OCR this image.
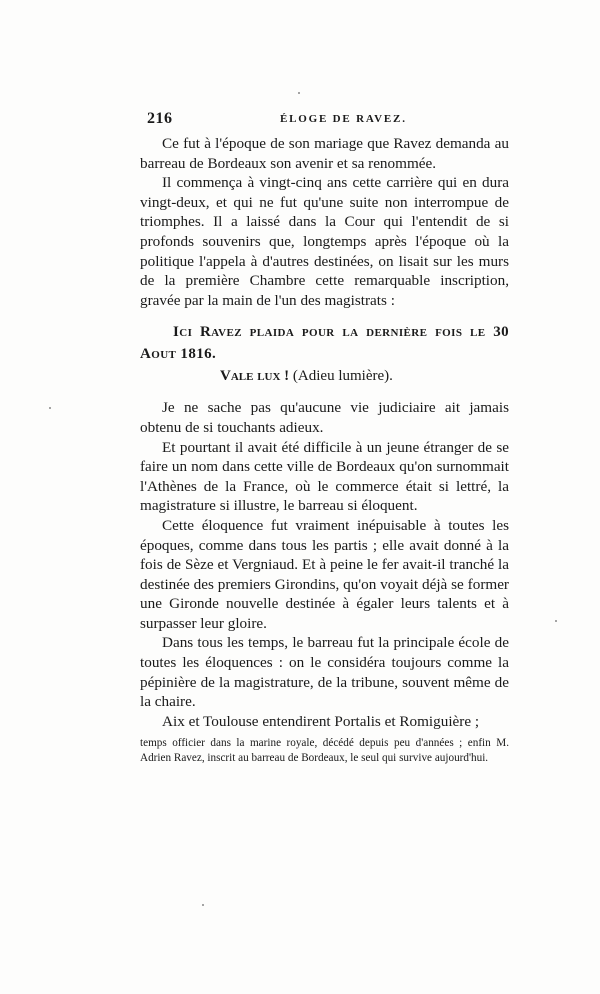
216	ÉLOGE DE RAVEZ.

Ce fut à l'époque de son mariage que Ravez demanda au barreau de Bordeaux son avenir et sa renommée.

Il commença à vingt-cinq ans cette carrière qui en dura vingt-deux, et qui ne fut qu'une suite non interrompue de triomphes. Il a laissé dans la Cour qui l'entendit de si profonds souvenirs que, longtemps après l'époque où la politique l'appela à d'autres destinées, on lisait sur les murs de la première Chambre cette remarquable inscription, gravée par la main de l'un des magistrats :

Ici Ravez plaida pour la dernière fois le 30 Aout 1816.
Vale lux ! (Adieu lumière).

Je ne sache pas qu'aucune vie judiciaire ait jamais obtenu de si touchants adieux.

Et pourtant il avait été difficile à un jeune étranger de se faire un nom dans cette ville de Bordeaux qu'on surnommait l'Athènes de la France, où le commerce était si lettré, la magistrature si illustre, le barreau si éloquent.

Cette éloquence fut vraiment inépuisable à toutes les époques, comme dans tous les partis ; elle avait donné à la fois de Sèze et Vergniaud. Et à peine le fer avait-il tranché la destinée des premiers Girondins, qu'on voyait déjà se former une Gironde nouvelle destinée à égaler leurs talents et à surpasser leur gloire.

Dans tous les temps, le barreau fut la principale école de toutes les éloquences : on le considéra toujours comme la pépinière de la magistrature, de la tribune, souvent même de la chaire.

Aix et Toulouse entendirent Portalis et Romiguière ;

temps officier dans la marine royale, décédé depuis peu d'années ; enfin M. Adrien Ravez, inscrit au barreau de Bordeaux, le seul qui survive aujourd'hui.
